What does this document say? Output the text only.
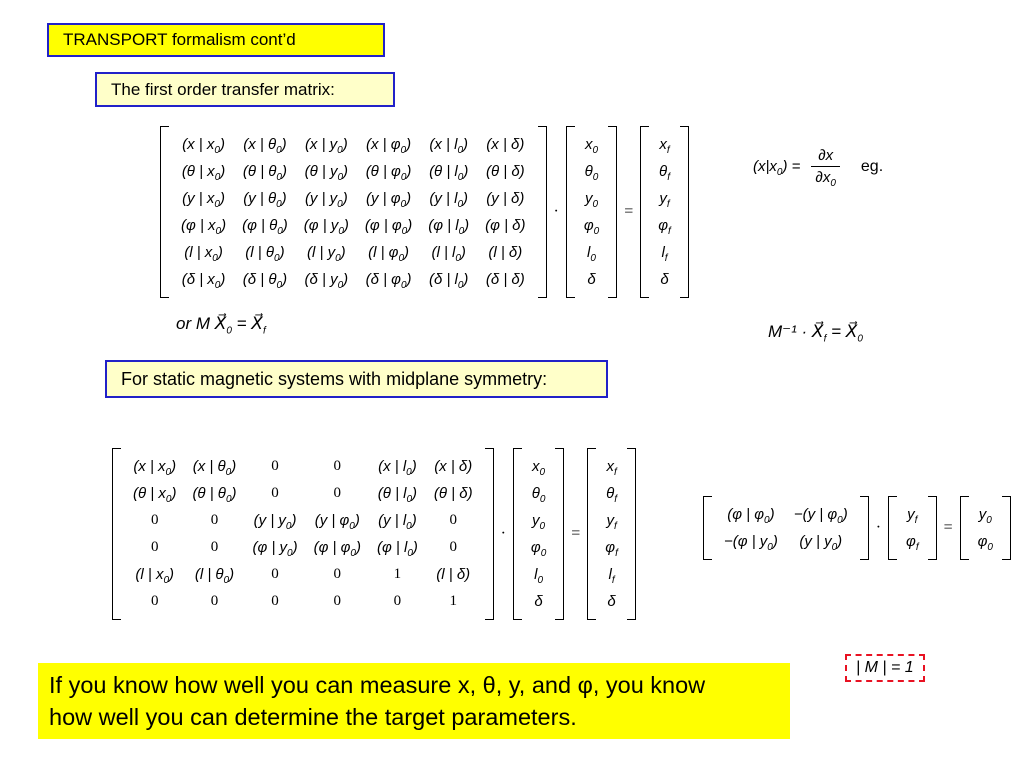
TRANSPORT formalism cont’d
The first order transfer matrix:
(x | $x_0$)	(x | $\theta_0$)	(x | $y_0$)	(x | $\varphi_0$)	(x | $l_0$)	(x | δ)
(θ | $x_0$)	(θ | $\theta_0$)	(θ | $y_0$)	(θ | $\varphi_0$)	(θ | $l_0$)	(θ | δ)
(y | $x_0$)	(y | $\theta_0$)	(y | $y_0$)	(y | $\varphi_0$)	(y | $l_0$)	(y | δ)
(φ | $x_0$)	(φ | $\theta_0$)	(φ | $y_0$)	(φ | $\varphi_0$)	(φ | $l_0$)	(φ | δ)
(l | $x_0$)	(l | $\theta_0$)	(l | $y_0$)	(l | $\varphi_0$)	(l | $l_0$)	(l | δ)
(δ | $x_0$)	(δ | $\theta_0$)	(δ | $y_0$)	(δ | $\varphi_0$)	(δ | $l_0$)	(δ | δ)
·
$x_0$
$\theta_0$
$y_0$
$\varphi_0$
$l_0$
δ
=
$x_f$
$\theta_f$
$y_f$
$\varphi_f$
$l_f$
δ
$(x|x_0) = \frac{\partial x}{\partial x_0}$ eg.
or M $X⃗_0$ = $X⃗_f$	$M^{-1} \cdot X⃗_f$ = $X⃗_0$
For static magnetic systems with midplane symmetry:
(x | $x_0$)	(x | $\theta_0$)	0	0	(x | $l_0$)	(x | δ)
(θ | $x_0$)	(θ | $\theta_0$)	0	0	(θ | $l_0$)	(θ | δ)
0	0	(y | $y_0$)	(y | $\varphi_0$)	(y | $l_0$)	0
0	0	(φ | $y_0$)	(φ | $\varphi_0$)	(φ | $l_0$)	0
(l | $x_0$)	(l | $\theta_0$)	0	0	1	(l | δ)
0	0	0	0	0	1
·
$x_0$
$\theta_0$
$y_0$
$\varphi_0$
$l_0$
δ
=
$x_f$
$\theta_f$
$y_f$
$\varphi_f$
$l_f$
δ
(φ | $\varphi_0$)	−(y | $\varphi_0$)
−(φ | $y_0$)	(y | $y_0$)
·
$y_f$
$\varphi_f$
=
$y_0$
$\varphi_0$
| M | = 1
If you know how well you can measure x, θ, y, and φ, you know
how well you can determine the target parameters.
